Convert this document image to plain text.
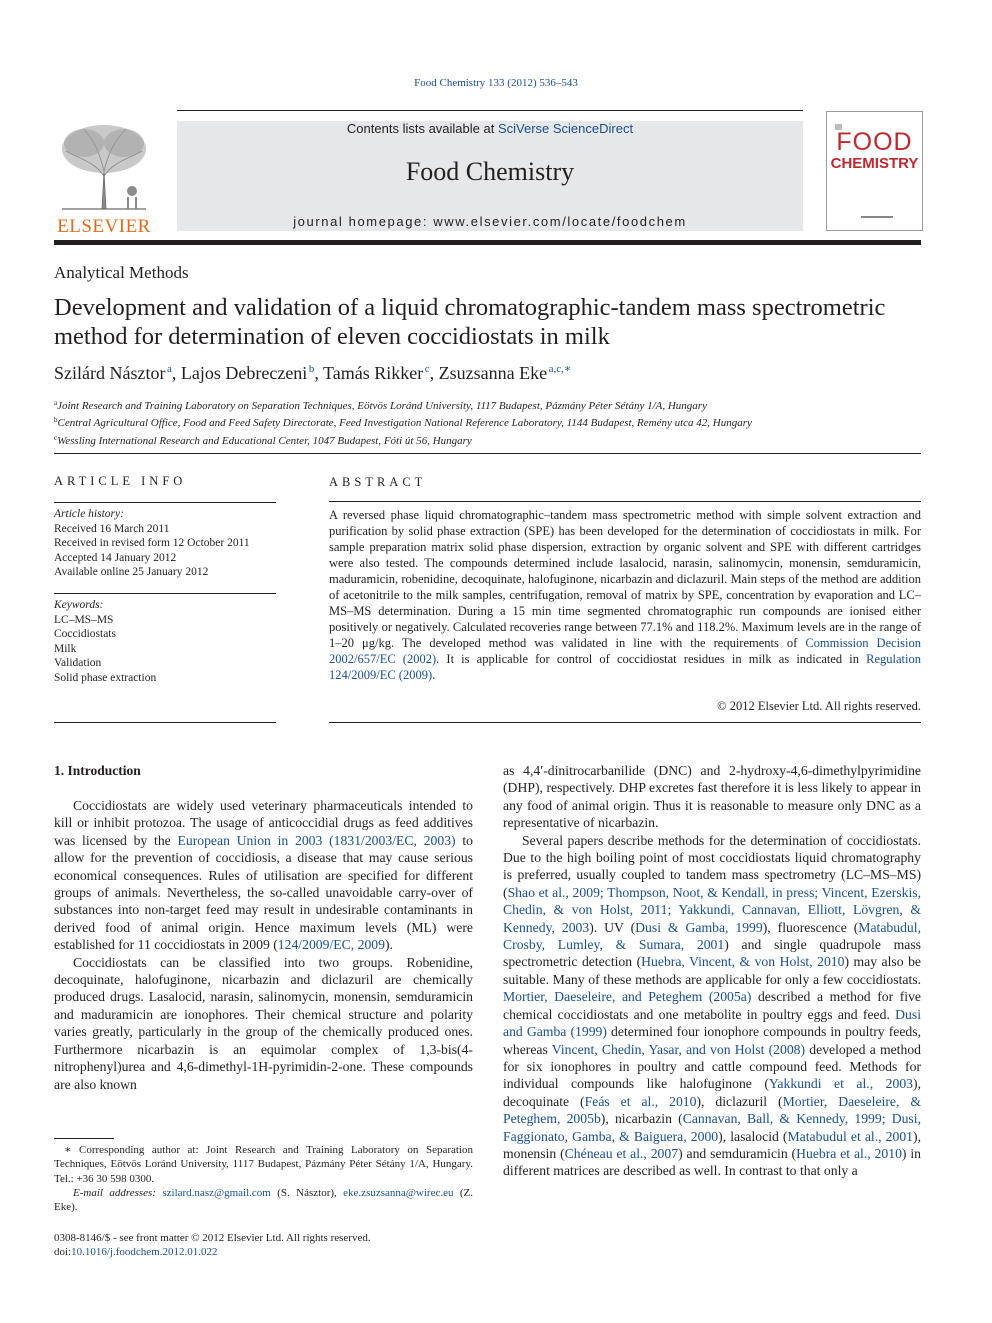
Food Chemistry 133 (2012) 536–543
ELSEVIER
Contents lists available at SciVerse ScienceDirect
Food Chemistry
journal homepage: www.elsevier.com/locate/foodchem
FOOD
CHEMISTRY
Analytical Methods
Development and validation of a liquid chromatographic-tandem mass spectrometric method for determination of eleven coccidiostats in milk
Szilárd Násztor  $^a$, Lajos Debreczeni  $^b$, Tamás Rikker  $^c$, Zsuzsanna Eke  $^{a,c,∗}$
$^a$Joint Research and Training Laboratory on Separation Techniques, Eötvös Loránd University, 1117 Budapest, Pázmány Péter Sétány 1/A, Hungary
$^b$Central Agricultural Office, Food and Feed Safety Directorate, Feed Investigation National Reference Laboratory, 1144 Budapest, Remény utca 42, Hungary
$^c$Wessling International Research and Educational Center, 1047 Budapest, Fóti út 56, Hungary
ARTICLE INFO
Article history:
Received 16 March 2011
Received in revised form 12 October 2011
Accepted 14 January 2012
Available online 25 January 2012
Keywords:
LC–MS–MS
Coccidiostats
Milk
Validation
Solid phase extraction
ABSTRACT
A reversed phase liquid chromatographic–tandem mass spectrometric method with simple solvent extraction and purification by solid phase extraction (SPE) has been developed for the determination of coccidiostats in milk. For sample preparation matrix solid phase dispersion, extraction by organic solvent and SPE with different cartridges were also tested. The compounds determined include lasalocid, narasin, salinomycin, monensin, semduramicin, maduramicin, robenidine, decoquinate, halofuginone, nicarbazin and diclazuril. Main steps of the method are addition of acetonitrile to the milk samples, centrifugation, removal of matrix by SPE, concentration by evaporation and LC–MS–MS determination. During a 15 min time segmented chromatographic run compounds are ionised either positively or negatively. Calculated recoveries range between 77.1% and 118.2%. Maximum levels are in the range of 1–20 μg/kg. The developed method was validated in line with the requirements of Commission Decision 2002/657/EC (2002). It is applicable for control of coccidiostat residues in milk as indicated in Regulation 124/2009/EC (2009).
© 2012 Elsevier Ltd. All rights reserved.
1. Introduction

Coccidiostats are widely used veterinary pharmaceuticals intended to kill or inhibit protozoa. The usage of anticoccidial drugs as feed additives was licensed by the European Union in 2003 (1831/2003/EC, 2003) to allow for the prevention of coccidiosis, a disease that may cause serious economical consequences. Rules of utilisation are specified for different groups of animals. Nevertheless, the so-called unavoidable carry-over of substances into non-target feed may result in undesirable contaminants in derived food of animal origin. Hence maximum levels (ML) were established for 11 coccidiostats in 2009 (124/2009/EC, 2009).

Coccidiostats can be classified into two groups. Robenidine, decoquinate, halofuginone, nicarbazin and diclazuril are chemically produced drugs. Lasalocid, narasin, salinomycin, monensin, semduramicin and maduramicin are ionophores. Their chemical structure and polarity varies greatly, particularly in the group of the chemically produced ones. Furthermore nicarbazin is an equimolar complex of 1,3-bis(4-nitrophenyl)urea and 4,6-dimethyl-1H-pyrimidin-2-one. These compounds are also known

as 4,4′-dinitrocarbanilide (DNC) and 2-hydroxy-4,6-dimethylpyrimidine (DHP), respectively. DHP excretes fast therefore it is less likely to appear in any food of animal origin. Thus it is reasonable to measure only DNC as a representative of nicarbazin.

Several papers describe methods for the determination of coccidiostats. Due to the high boiling point of most coccidiostats liquid chromatography is preferred, usually coupled to tandem mass spectrometry (LC–MS–MS) (Shao et al., 2009; Thompson, Noot, & Kendall, in press; Vincent, Ezerskis, Chedin, & von Holst, 2011; Yakkundi, Cannavan, Elliott, Lövgren, & Kennedy, 2003). UV (Dusi & Gamba, 1999), fluorescence (Matabudul, Crosby, Lumley, & Sumara, 2001) and single quadrupole mass spectrometric detection (Huebra, Vincent, & von Holst, 2010) may also be suitable. Many of these methods are applicable for only a few coccidiostats. Mortier, Daeseleire, and Peteghem (2005a) described a method for five chemical coccidiostats and one metabolite in poultry eggs and feed. Dusi and Gamba (1999) determined four ionophore compounds in poultry feeds, whereas Vincent, Chedin, Yasar, and von Holst (2008) developed a method for six ionophores in poultry and cattle compound feed. Methods for individual compounds like halofuginone (Yakkundi et al., 2003), decoquinate (Feás et al., 2010), diclazuril (Mortier, Daeseleire, & Peteghem, 2005b), nicarbazin (Cannavan, Ball, & Kennedy, 1999; Dusi, Faggionato, Gamba, & Baiguera, 2000), lasalocid (Matabudul et al., 2001), monensin (Chéneau et al., 2007) and semduramicin (Huebra et al., 2010) in different matrices are described as well. In contrast to that only a

∗ Corresponding author at: Joint Research and Training Laboratory on Separation Techniques, Eötvös Loránd University, 1117 Budapest, Pázmány Péter Sétány 1/A, Hungary. Tel.: +36 30 598 0300.
E-mail addresses: szilard.nasz@gmail.com (S. Násztor), eke.zsuzsanna@wirec.eu (Z. Eke).
0308-8146/$ - see front matter © 2012 Elsevier Ltd. All rights reserved.
doi:10.1016/j.foodchem.2012.01.022
